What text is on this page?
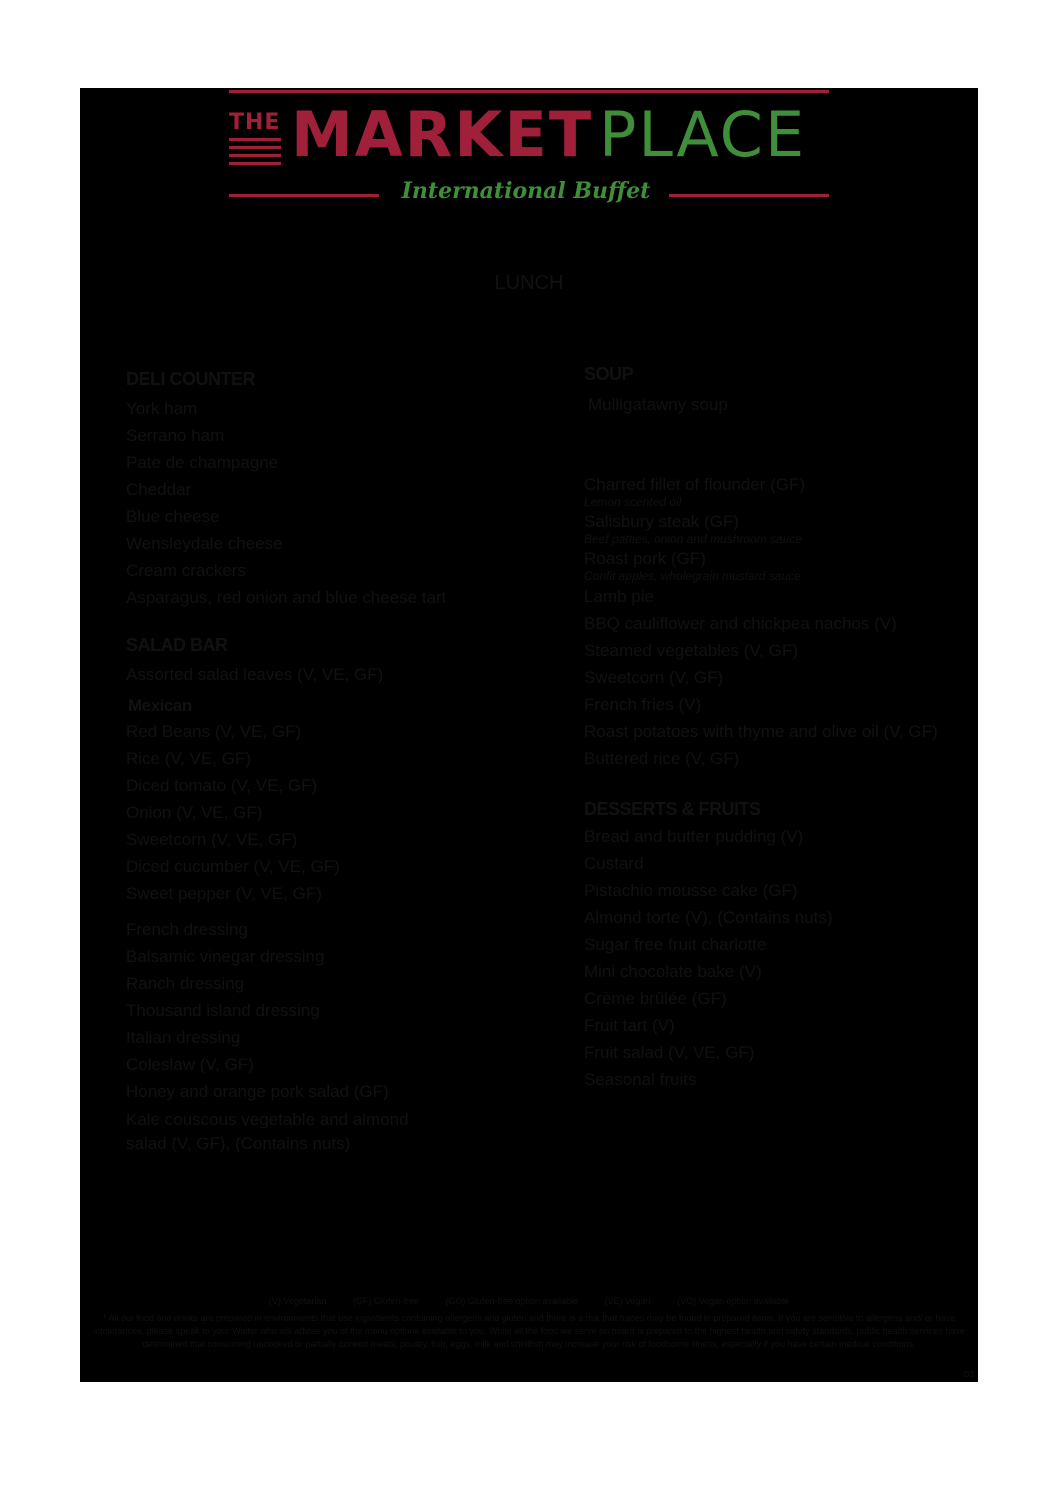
THE MARKET PLACE
International Buffet
LUNCH
DELI COUNTER
York ham
Serrano ham
Pate de champagne
Cheddar
Blue cheese
Wensleydale cheese
Cream crackers
Asparagus, red onion and blue cheese tart
SALAD BAR
Assorted salad leaves (V, VE, GF)
Mexican
Red Beans (V, VE, GF)
Rice (V, VE, GF)
Diced tomato (V, VE, GF)
Onion (V, VE, GF)
Sweetcorn (V, VE, GF)
Diced cucumber (V, VE, GF)
Sweet pepper (V, VE, GF)
French dressing
Balsamic vinegar dressing
Ranch dressing
Thousand island dressing
Italian dressing
Coleslaw (V, GF)
Honey and orange pork salad (GF)
Kale couscous vegetable and almond
salad (V, GF), (Contains nuts)
SOUP
Mulligatawny soup
Charred fillet of flounder (GF)
Lemon scented oil
Salisbury steak (GF)
Beef patties, onion and mushroom sauce
Roast pork (GF)
Confit apples, wholegrain mustard sauce
Lamb pie
BBQ cauliflower and chickpea nachos (V)
Steamed vegetables (V, GF)
Sweetcorn (V, GF)
French fries (V)
Roast potatoes with thyme and olive oil (V, GF)
Buttered rice (V, GF)
DESSERTS & FRUITS
Bread and butter pudding (V)
Custard
Pistachio mousse cake (GF)
Almond torte (V), (Contains nuts)
Sugar free fruit charlotte
Mini chocolate bake (V)
Crème brûlée (GF)
Fruit tart (V)
Fruit salad (V, VE, GF)
Seasonal fruits
(V) Vegetarian	(GF) Gluten-free	(GO) Gluten-free option available	(VE) Vegan	(VO) Vegan option available
* All our food and drinks are prepared in environments that use ingredients containing allergens and gluten and there is a risk that traces may be found in prepared items. If you are sensitive to allergens and/ or have intolerances, please speak to your Waiter who will advise you of the menu options available to you. While all the food we serve on board is prepared to the highest health and safety standards, public health services have determined that consuming uncooked or partially cooked meats, poultry, fish, eggs, milk and shellfish may increase your risk of foodborne illness, especially if you have certain medical conditions.
D3
